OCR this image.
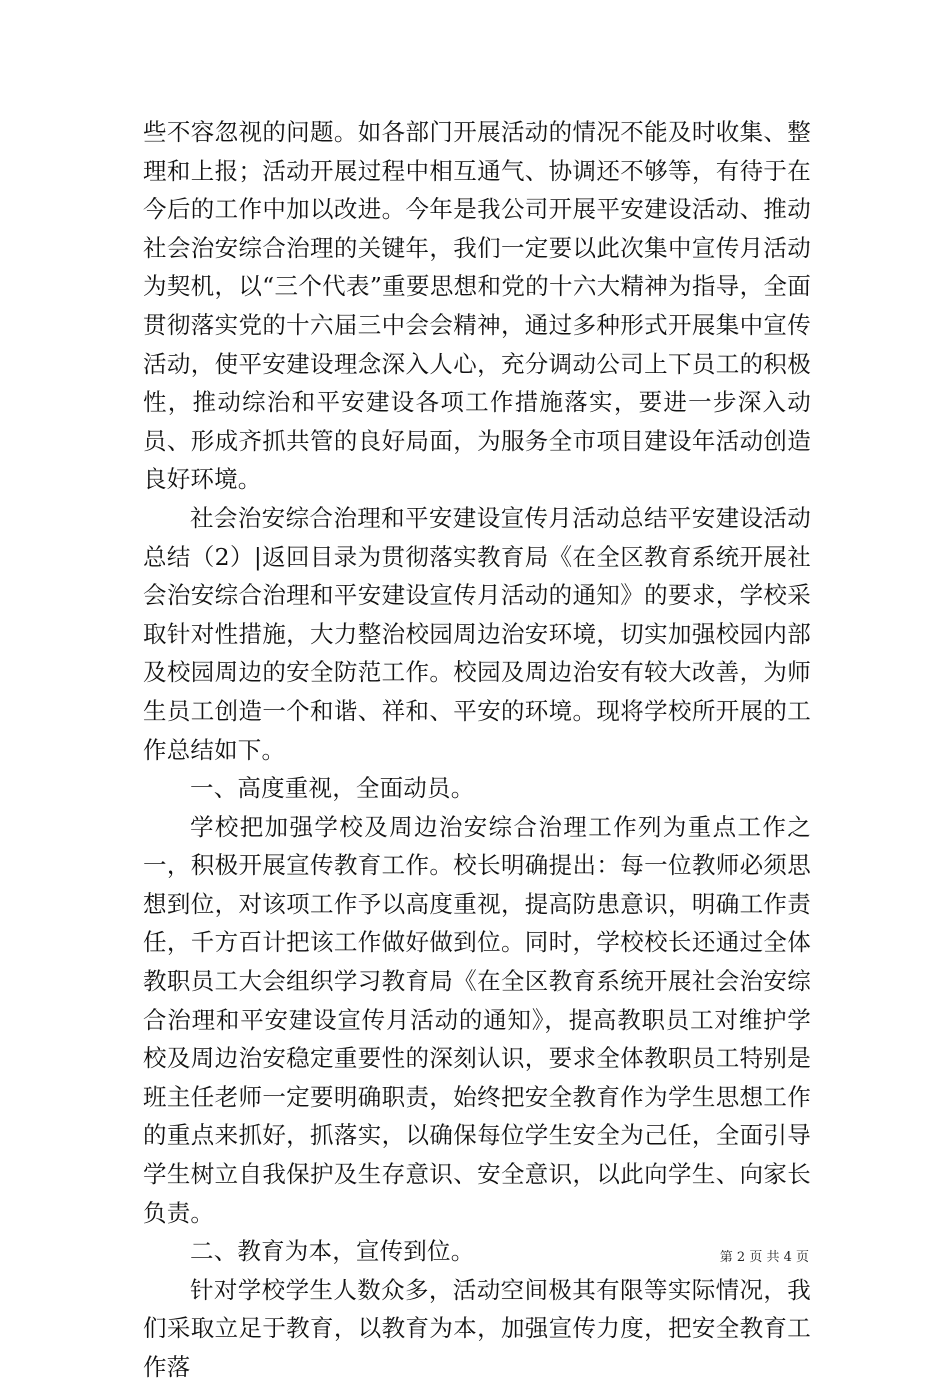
些不容忽视的问题。如各部门开展活动的情况不能及时收集、整理和上报；活动开展过程中相互通气、协调还不够等，有待于在今后的工作中加以改进。今年是我公司开展平安建设活动、推动社会治安综合治理的关键年，我们一定要以此次集中宣传月活动为契机，以“三个代表”重要思想和党的十六大精神为指导，全面贯彻落实党的十六届三中会会精神，通过多种形式开展集中宣传活动，使平安建设理念深入人心，充分调动公司上下员工的积极性，推动综治和平安建设各项工作措施落实，要进一步深入动员、形成齐抓共管的良好局面，为服务全市项目建设年活动创造良好环境。

社会治安综合治理和平安建设宣传月活动总结平安建设活动总结（2）|返回目录为贯彻落实教育局《在全区教育系统开展社会治安综合治理和平安建设宣传月活动的通知》的要求，学校采取针对性措施，大力整治校园周边治安环境，切实加强校园内部及校园周边的安全防范工作。校园及周边治安有较大改善，为师生员工创造一个和谐、祥和、平安的环境。现将学校所开展的工作总结如下。

一、高度重视，全面动员。

学校把加强学校及周边治安综合治理工作列为重点工作之一，积极开展宣传教育工作。校长明确提出：每一位教师必须思想到位，对该项工作予以高度重视，提高防患意识，明确工作责任，千方百计把该工作做好做到位。同时，学校校长还通过全体教职员工大会组织学习教育局《在全区教育系统开展社会治安综合治理和平安建设宣传月活动的通知》，提高教职员工对维护学校及周边治安稳定重要性的深刻认识，要求全体教职员工特别是班主任老师一定要明确职责，始终把安全教育作为学生思想工作的重点来抓好，抓落实，以确保每位学生安全为己任，全面引导学生树立自我保护及生存意识、安全意识，以此向学生、向家长负责。

二、教育为本，宣传到位。

针对学校学生人数众多，活动空间极其有限等实际情况，我们采取立足于教育，以教育为本，加强宣传力度，把安全教育工作落

第 2 页 共 4 页
